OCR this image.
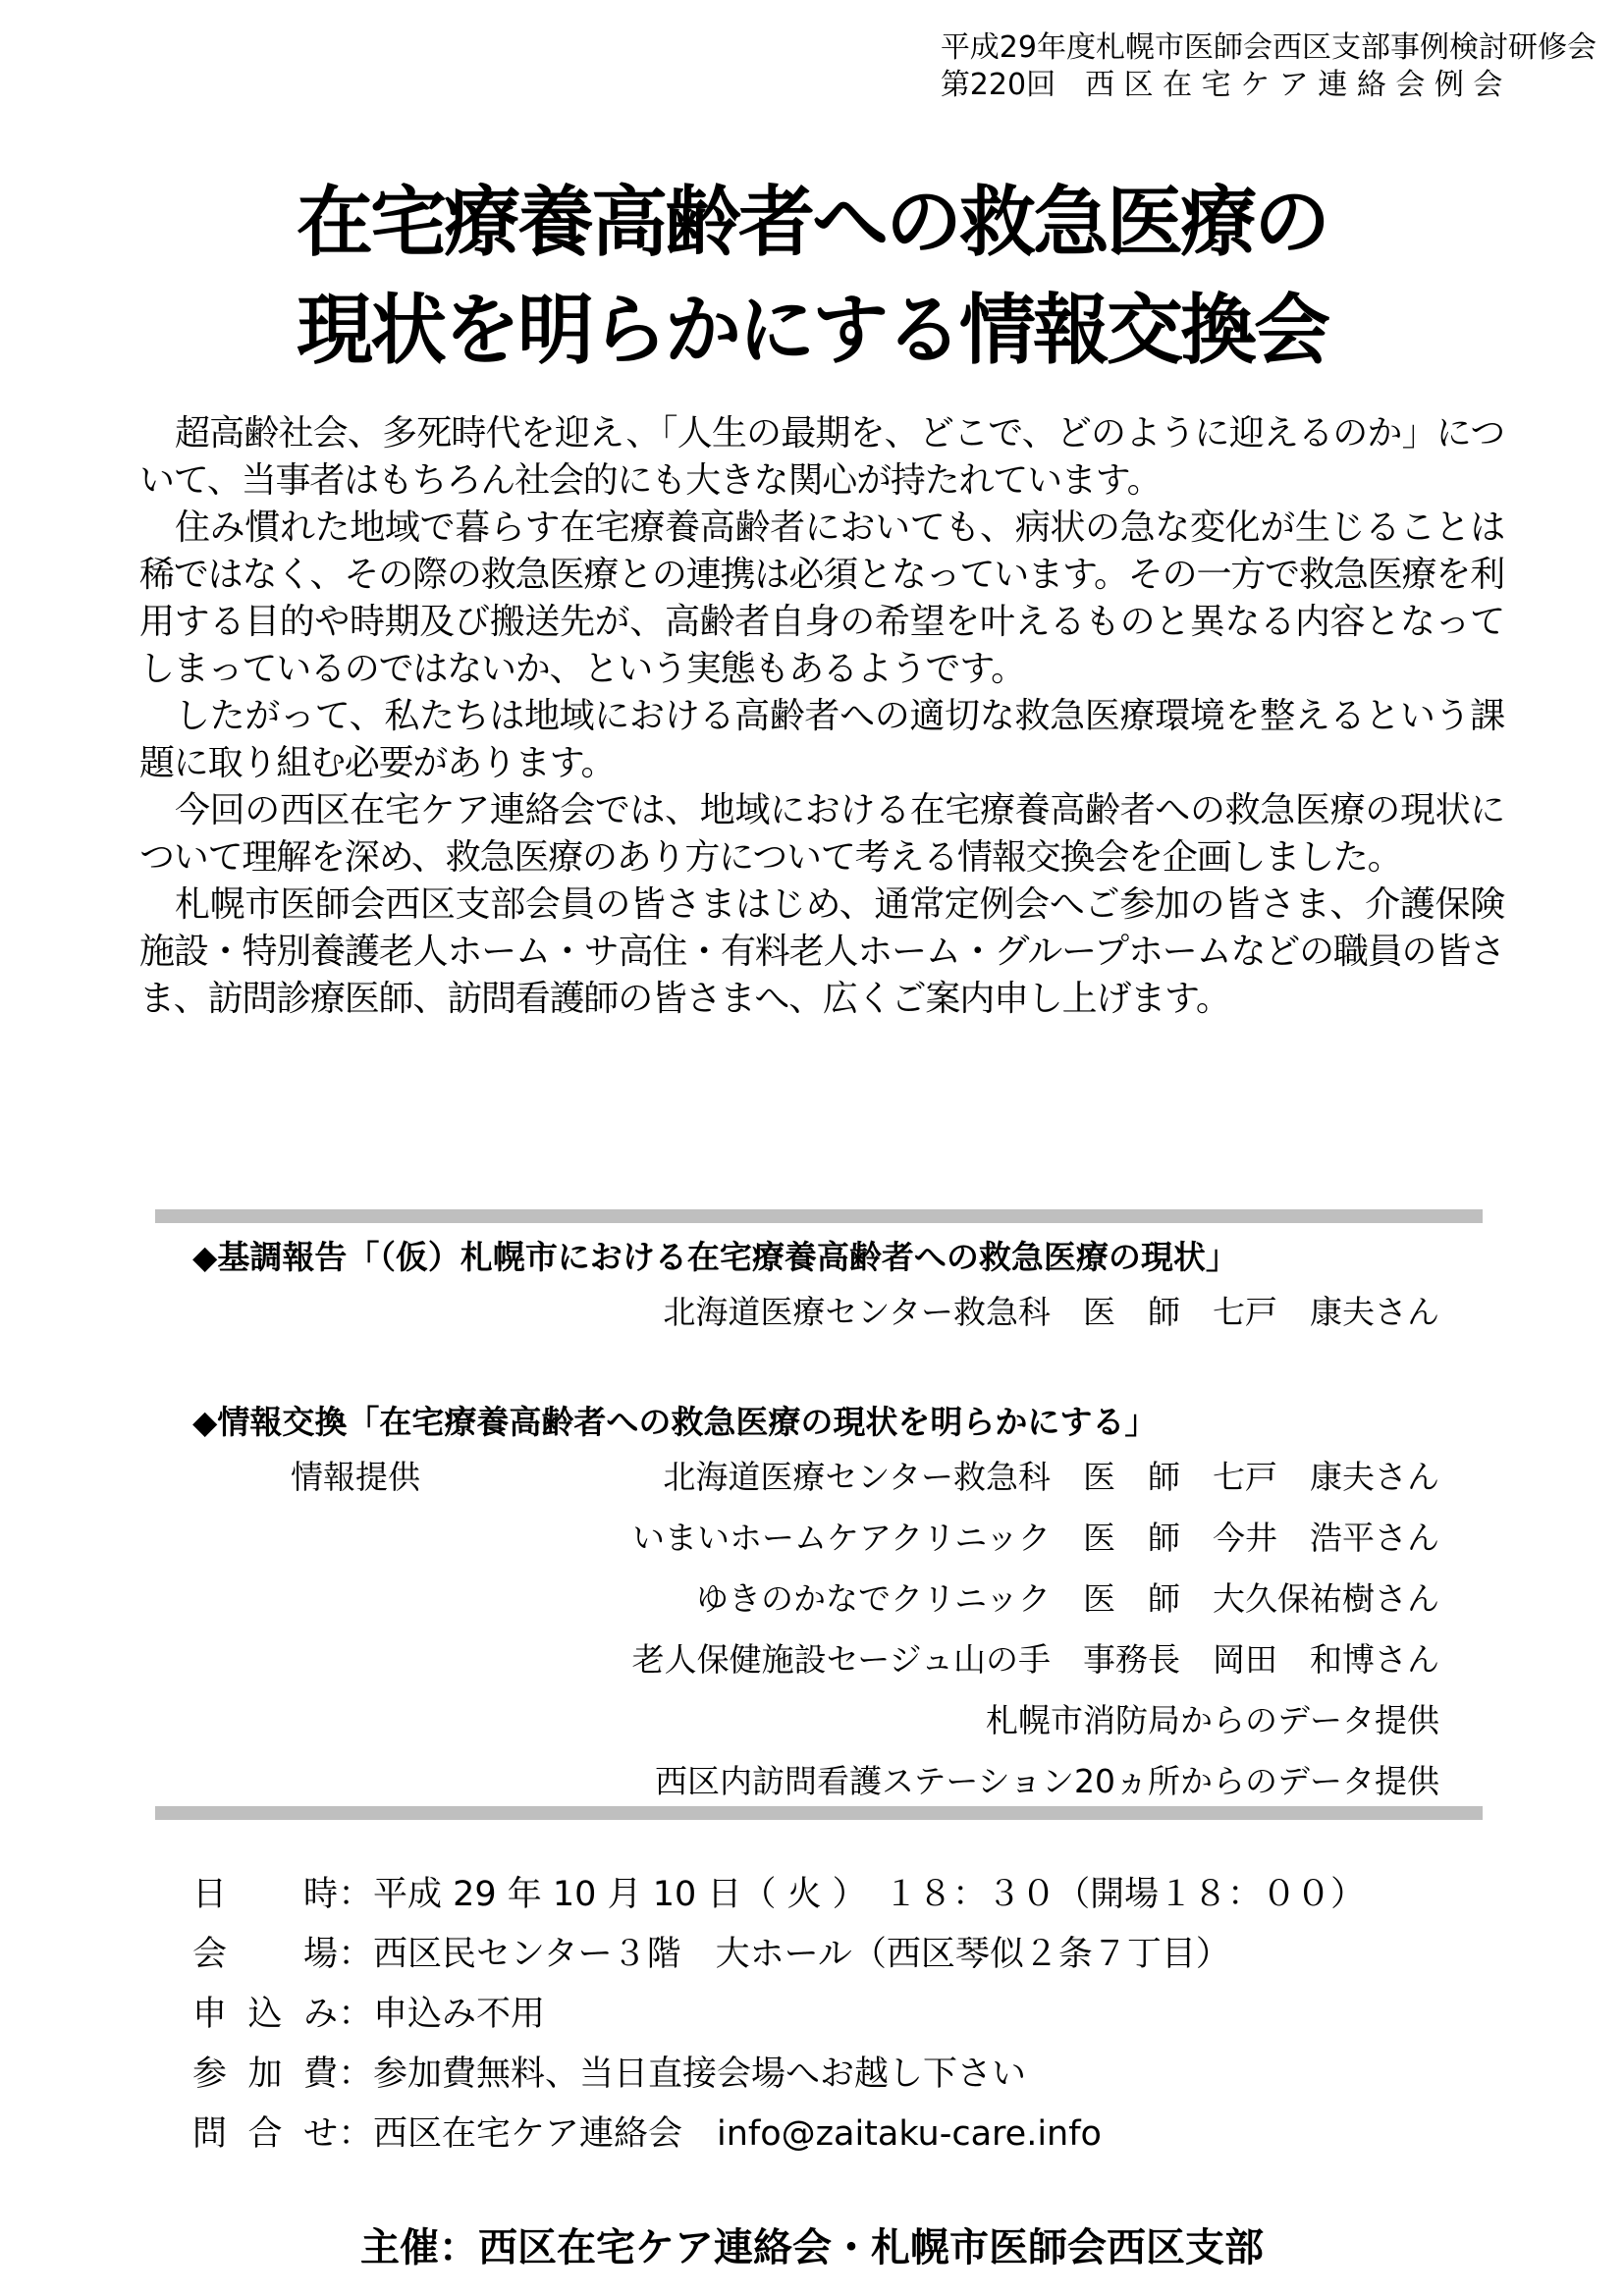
平成29年度札幌市医師会西区支部事例検討研修会
第220回　西 区 在 宅 ケ ア 連 絡 会 例 会
在宅療養高齢者への救急医療の
現状を明らかにする情報交換会

超高齢社会、多死時代を迎え、「人生の最期を、どこで、どのように迎えるのか」について、当事者はもちろん社会的にも大きな関心が持たれています。

住み慣れた地域で暮らす在宅療養高齢者においても、病状の急な変化が生じることは稀ではなく、その際の救急医療との連携は必須となっています。その一方で救急医療を利用する目的や時期及び搬送先が、高齢者自身の希望を叶えるものと異なる内容となってしまっているのではないか、という実態もあるようです。

したがって、私たちは地域における高齢者への適切な救急医療環境を整えるという課題に取り組む必要があります。

今回の西区在宅ケア連絡会では、地域における在宅療養高齢者への救急医療の現状について理解を深め、救急医療のあり方について考える情報交換会を企画しました。

札幌市医師会西区支部会員の皆さまはじめ、通常定例会へご参加の皆さま、介護保険施設・特別養護老人ホーム・サ高住・有料老人ホーム・グループホームなどの職員の皆さま、訪問診療医師、訪問看護師の皆さまへ、広くご案内申し上げます。

◆基調報告「（仮）札幌市における在宅療養高齢者への救急医療の現状」
北海道医療センター救急科　医　師　七戸　康夫さん
◆情報交換「在宅療養高齢者への救急医療の現状を明らかにする」
情報提供	北海道医療センター救急科　医　師　七戸　康夫さん
いまいホームケアクリニック　医　師　今井　浩平さん
ゆきのかなでクリニック　医　師　大久保祐樹さん
老人保健施設セージュ山の手　事務長　岡田　和博さん
札幌市消防局からのデータ提供
西区内訪問看護ステーション20ヵ所からのデータ提供
日　時：平成 29 年 10 月 10 日（ 火 ）　１８：３０（開場１８：００）
会　場：西区民センター３階　大ホール（西区琴似２条７丁目）
申込み：申込み不用
参加費：参加費無料、当日直接会場へお越し下さい
問合せ：西区在宅ケア連絡会　info@zaitaku-care.info
主催：西区在宅ケア連絡会・札幌市医師会西区支部
